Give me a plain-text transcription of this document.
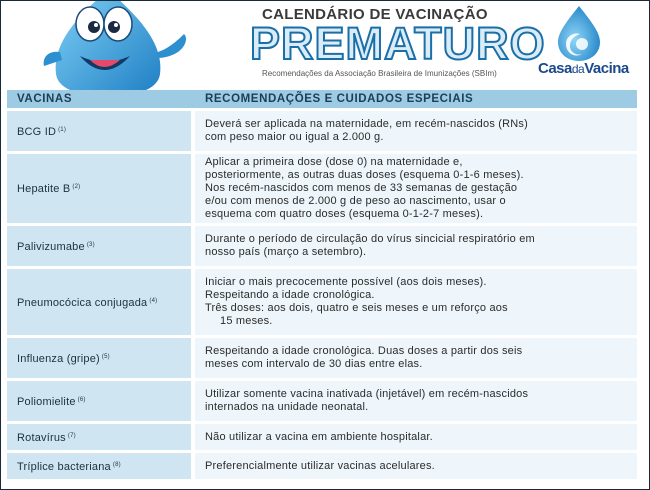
CALENDÁRIO DE VACINAÇÃO
PREMATURO
Recomendações da Associação Brasileira de Imunizações (SBIm)	CasadaVacina
VACINAS	RECOMENDAÇÕES E CUIDADOS ESPECIAIS
BCG ID $^{(1)}$	Deverá ser aplicada na maternidade, em recém-nascidos (RNs)
com peso maior ou igual a 2.000 g.

Hepatite B $^{(2)}$	Aplicar a primeira dose (dose 0) na maternidade e,
posteriormente, as outras duas doses (esquema 0-1-6 meses).
Nos recém-nascidos com menos de 33 semanas de gestação
e/ou com menos de 2.000 g de peso ao nascimento, usar o
esquema com quatro doses (esquema 0-1-2-7 meses).

Palivizumabe $^{(3)}$	Durante o período de circulação do vírus sincicial respiratório em
nosso país (março a setembro).

Pneumocócica conjugada $^{(4)}$	Iniciar o mais precocemente possível (aos dois meses).
Respeitando a idade cronológica.
Três doses: aos dois, quatro e seis meses e um reforço aos
15 meses.

Influenza (gripe) $^{(5)}$	Respeitando a idade cronológica. Duas doses a partir dos seis
meses com intervalo de 30 dias entre elas.

Poliomielite $^{(6)}$	Utilizar somente vacina inativada (injetável) em recém-nascidos
internados na unidade neonatal.

Rotavírus $^{(7)}$	Não utilizar a vacina em ambiente hospitalar.

Tríplice bacteriana $^{(8)}$	Preferencialmente utilizar vacinas acelulares.
